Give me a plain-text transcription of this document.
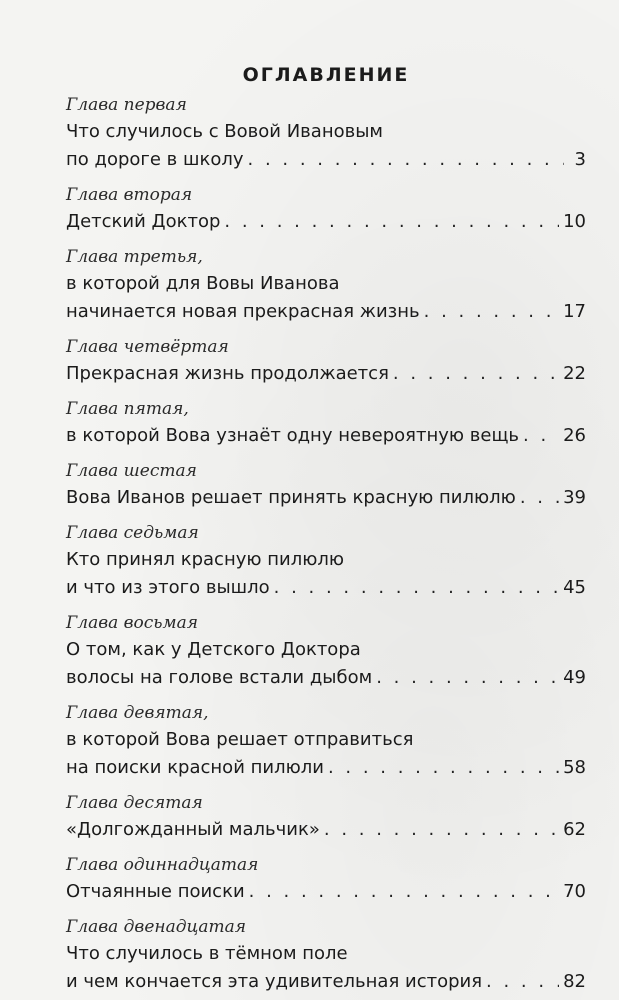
ОГЛАВЛЕНИЕ
Глава первая
Что случилось с Вовой Ивановым
по дороге в школу . . .	3
Глава вторая
Детский Доктор . . .	10
Глава третья,
в которой для Вовы Иванова
начинается новая прекрасная жизнь . . .	17
Глава четвёртая
Прекрасная жизнь продолжается . . .	22
Глава пятая,
в которой Вова узнаёт одну невероятную вещь . . . 26
Глава шестая
Вова Иванов решает принять красную пилюлю . . .	39
Глава седьмая
Кто принял красную пилюлю
и что из этого вышло . . .	45
Глава восьмая
О том, как у Детского Доктора
волосы на голове встали дыбом . . .	49
Глава девятая,
в которой Вова решает отправиться
на поиски красной пилюли . . .	58
Глава десятая
«Долгожданный мальчик» . . .	62
Глава одиннадцатая
Отчаянные поиски . . .	70
Глава двенадцатая
Что случилось в тёмном поле
и чем кончается эта удивительная история . . .	82
